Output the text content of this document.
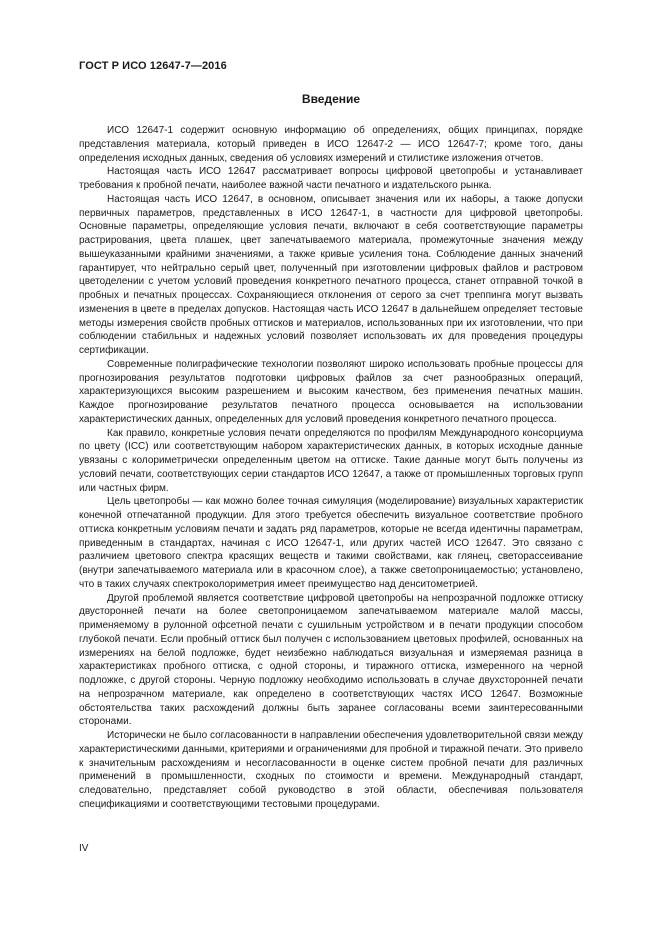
ГОСТ Р ИСО 12647-7—2016
Введение

ИСО 12647-1 содержит основную информацию об определениях, общих принципах, порядке представления материала, который приведен в ИСО 12647-2 — ИСО 12647-7; кроме того, даны определения исходных данных, сведения об условиях измерений и стилистике изложения отчетов.

Настоящая часть ИСО 12647 рассматривает вопросы цифровой цветопробы и устанавливает требования к пробной печати, наиболее важной части печатного и издательского рынка.

Настоящая часть ИСО 12647, в основном, описывает значения или их наборы, а также допуски первичных параметров, представленных в ИСО 12647-1, в частности для цифровой цветопробы. Основные параметры, определяющие условия печати, включают в себя соответствующие параметры растрирования, цвета плашек, цвет запечатываемого материала, промежуточные значения между вышеуказанными крайними значениями, а также кривые усиления тона. Соблюдение данных значений гарантирует, что нейтрально серый цвет, полученный при изготовлении цифровых файлов и растровом цветоделении с учетом условий проведения конкретного печатного процесса, станет отправной точкой в пробных и печатных процессах. Сохраняющиеся отклонения от серого за счет треппинга могут вызвать изменения в цвете в пределах допусков. Настоящая часть ИСО 12647 в дальнейшем определяет тестовые методы измерения свойств пробных оттисков и материалов, использованных при их изготовлении, что при соблюдении стабильных и надежных условий позволяет использовать их для проведения процедуры сертификации.

Современные полиграфические технологии позволяют широко использовать пробные процессы для прогнозирования результатов подготовки цифровых файлов за счет разнообразных операций, характеризующихся высоким разрешением и высоким качеством, без применения печатных машин. Каждое прогнозирование результатов печатного процесса основывается на использовании характеристических данных, определенных для условий проведения конкретного печатного процесса.

Как правило, конкретные условия печати определяются по профилям Международного консорциума по цвету (ICC) или соответствующим набором характеристических данных, в которых исходные данные увязаны с колориметрически определенным цветом на оттиске. Такие данные могут быть получены из условий печати, соответствующих серии стандартов ИСО 12647, а также от промышленных торговых групп или частных фирм.

Цель цветопробы — как можно более точная симуляция (моделирование) визуальных характеристик конечной отпечатанной продукции. Для этого требуется обеспечить визуальное соответствие пробного оттиска конкретным условиям печати и задать ряд параметров, которые не всегда идентичны параметрам, приведенным в стандартах, начиная с ИСО 12647-1, или других частей ИСО 12647. Это связано с различием цветового спектра красящих веществ и такими свойствами, как глянец, светорассеивание (внутри запечатываемого материала или в красочном слое), а также светопроницаемостью; установлено, что в таких случаях спектроколориметрия имеет преимущество над денситометрией.

Другой проблемой является соответствие цифровой цветопробы на непрозрачной подложке оттиску двусторонней печати на более светопроницаемом запечатываемом материале малой массы, применяемому в рулонной офсетной печати с сушильным устройством и в печати продукции способом глубокой печати. Если пробный оттиск был получен с использованием цветовых профилей, основанных на измерениях на белой подложке, будет неизбежно наблюдаться визуальная и измеряемая разница в характеристиках пробного оттиска, с одной стороны, и тиражного оттиска, измеренного на черной подложке, с другой стороны. Черную подложку необходимо использовать в случае двухсторонней печати на непрозрачном материале, как определено в соответствующих частях ИСО 12647. Возможные обстоятельства таких расхождений должны быть заранее согласованы всеми заинтересованными сторонами.

Исторически не было согласованности в направлении обеспечения удовлетворительной связи между характеристическими данными, критериями и ограничениями для пробной и тиражной печати. Это привело к значительным расхождениям и несогласованности в оценке систем пробной печати для различных применений в промышленности, сходных по стоимости и времени. Международный стандарт, следовательно, представляет собой руководство в этой области, обеспечивая пользователя спецификациями и соответствующими тестовыми процедурами.

IV
